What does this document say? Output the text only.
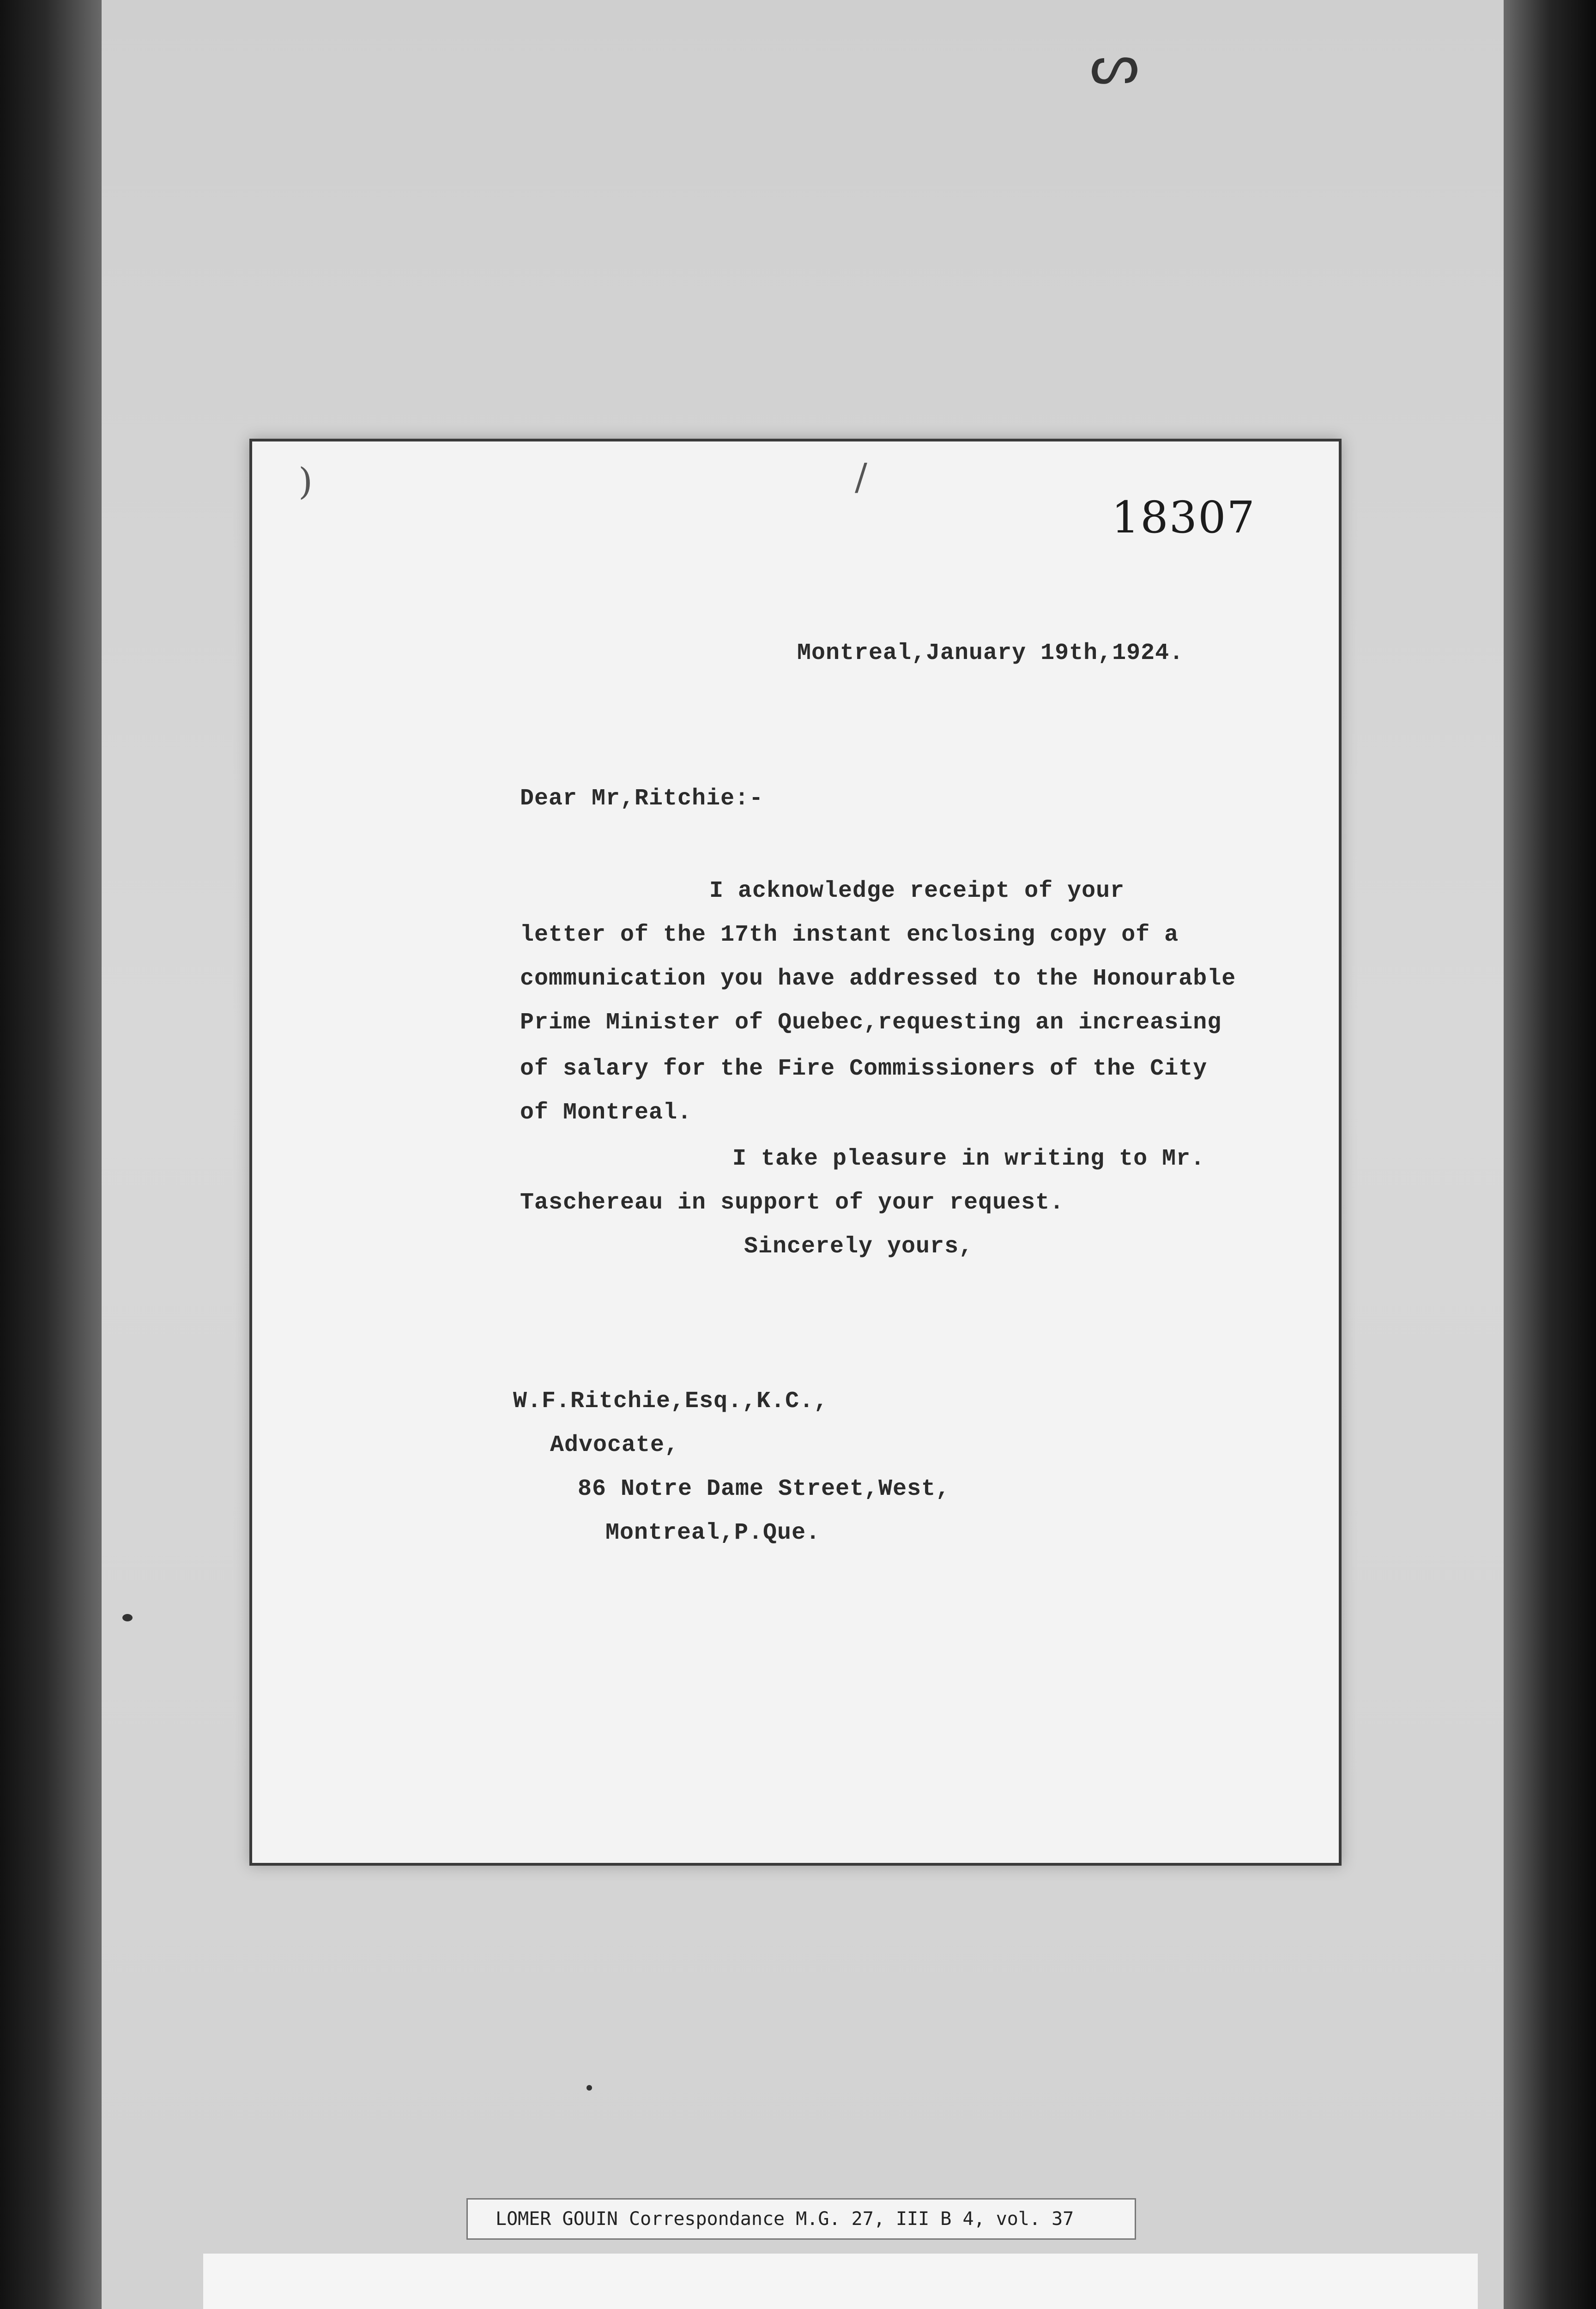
ᔕ
)	/
18307
Montreal,January 19th,1924.
Dear Mr,Ritchie:-
I acknowledge receipt of your
letter of the 17th instant enclosing copy of a
communication you have addressed to the Honourable
Prime Minister of Quebec,requesting an increasing
of salary for the Fire Commissioners of the City
of Montreal.
I take pleasure in writing to Mr.
Taschereau in support of your request.
Sincerely yours,
W.F.Ritchie,Esq.,K.C.,
Advocate,
86 Notre Dame Street,West,
Montreal,P.Que.
LOMER GOUIN Correspondance M.G. 27, III B 4, vol. 37
